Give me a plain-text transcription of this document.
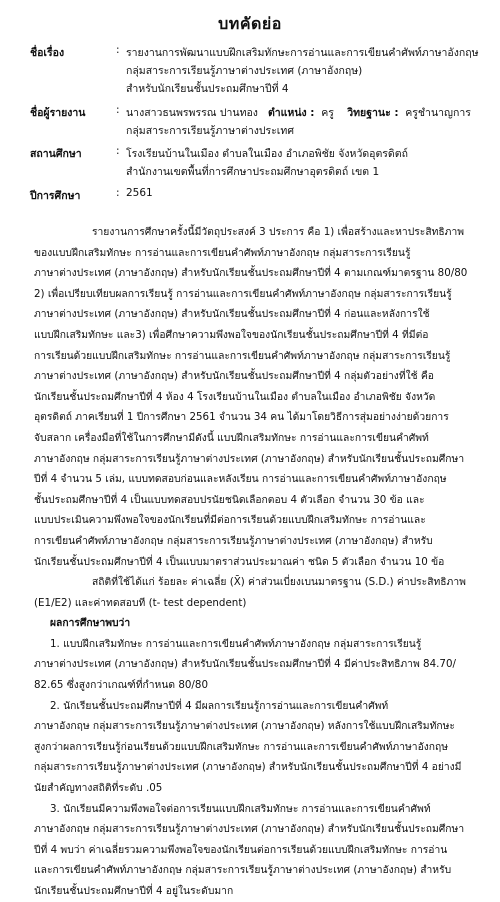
บทคัดย่อ
ชื่อเรื่อง	: รายงานการพัฒนาแบบฝึกเสริมทักษะการอ่านและการเขียนคำศัพท์ภาษาอังกฤษ
กลุ่มสาระการเรียนรู้ภาษาต่างประเทศ (ภาษาอังกฤษ)
สำหรับนักเรียนชั้นประถมศึกษาปีที่ 4
ชื่อผู้รายงาน	: นางสาวธนพรพรรณ ปานทอง ตำแหน่ง : ครู วิทยฐานะ : ครูชำนาญการ
กลุ่มสาระการเรียนรู้ภาษาต่างประเทศ
สถานศึกษา	: โรงเรียนบ้านในเมือง ตำบลในเมือง อำเภอพิชัย จังหวัดอุตรดิตถ์
สำนักงานเขตพื้นที่การศึกษาประถมศึกษาอุตรดิตถ์ เขต 1
ปีการศึกษา	: 2561
รายงานการศึกษาครั้งนี้มีวัตถุประสงค์ 3 ประการ คือ 1) เพื่อสร้างและหาประสิทธิภาพ
ของแบบฝึกเสริมทักษะ การอ่านและการเขียนคำศัพท์ภาษาอังกฤษ กลุ่มสาระการเรียนรู้
ภาษาต่างประเทศ (ภาษาอังกฤษ) สำหรับนักเรียนชั้นประถมศึกษาปีที่ 4 ตามเกณฑ์มาตรฐาน 80/80
2) เพื่อเปรียบเทียบผลการเรียนรู้ การอ่านและการเขียนคำศัพท์ภาษาอังกฤษ กลุ่มสาระการเรียนรู้
ภาษาต่างประเทศ (ภาษาอังกฤษ) สำหรับนักเรียนชั้นประถมศึกษาปีที่ 4 ก่อนและหลังการใช้
แบบฝึกเสริมทักษะ และ3) เพื่อศึกษาความพึงพอใจของนักเรียนชั้นประถมศึกษาปีที่ 4 ที่มีต่อ
การเรียนด้วยแบบฝึกเสริมทักษะ การอ่านและการเขียนคำศัพท์ภาษาอังกฤษ กลุ่มสาระการเรียนรู้
ภาษาต่างประเทศ (ภาษาอังกฤษ) สำหรับนักเรียนชั้นประถมศึกษาปีที่ 4 กลุ่มตัวอย่างที่ใช้ คือ
นักเรียนชั้นประถมศึกษาปีที่ 4 ห้อง 4 โรงเรียนบ้านในเมือง ตำบลในเมือง อำเภอพิชัย จังหวัด
อุตรดิตถ์ ภาคเรียนที่ 1 ปีการศึกษา 2561 จำนวน 34 คน ได้มาโดยวิธีการสุ่มอย่างง่ายด้วยการ
จับสลาก เครื่องมือที่ใช้ในการศึกษามีดังนี้ แบบฝึกเสริมทักษะ การอ่านและการเขียนคำศัพท์
ภาษาอังกฤษ กลุ่มสาระการเรียนรู้ภาษาต่างประเทศ (ภาษาอังกฤษ) สำหรับนักเรียนชั้นประถมศึกษา
ปีที่ 4 จำนวน 5 เล่ม, แบบทดสอบก่อนและหลังเรียน การอ่านและการเขียนคำศัพท์ภาษาอังกฤษ
ชั้นประถมศึกษาปีที่ 4 เป็นแบบทดสอบปรนัยชนิดเลือกตอบ 4 ตัวเลือก จำนวน 30 ข้อ และ
แบบประเมินความพึงพอใจของนักเรียนที่มีต่อการเรียนด้วยแบบฝึกเสริมทักษะ การอ่านและ
การเขียนคำศัพท์ภาษาอังกฤษ กลุ่มสาระการเรียนรู้ภาษาต่างประเทศ (ภาษาอังกฤษ) สำหรับ
นักเรียนชั้นประถมศึกษาปีที่ 4 เป็นแบบมาตราส่วนประมาณค่า ชนิด 5 ตัวเลือก จำนวน 10 ข้อ
สถิติที่ใช้ได้แก่ ร้อยละ ค่าเฉลี่ย (X̄) ค่าส่วนเบี่ยงเบนมาตรฐาน (S.D.) ค่าประสิทธิภาพ
(E1/E2) และค่าทดสอบที (t- test dependent)
ผลการศึกษาพบว่า
1. แบบฝึกเสริมทักษะ การอ่านและการเขียนคำศัพท์ภาษาอังกฤษ กลุ่มสาระการเรียนรู้
ภาษาต่างประเทศ (ภาษาอังกฤษ) สำหรับนักเรียนชั้นประถมศึกษาปีที่ 4 มีค่าประสิทธิภาพ 84.70/
82.65 ซึ่งสูงกว่าเกณฑ์ที่กำหนด 80/80
2. นักเรียนชั้นประถมศึกษาปีที่ 4 มีผลการเรียนรู้การอ่านและการเขียนคำศัพท์
ภาษาอังกฤษ กลุ่มสาระการเรียนรู้ภาษาต่างประเทศ (ภาษาอังกฤษ) หลังการใช้แบบฝึกเสริมทักษะ
สูงกว่าผลการเรียนรู้ก่อนเรียนด้วยแบบฝึกเสริมทักษะ การอ่านและการเขียนคำศัพท์ภาษาอังกฤษ
กลุ่มสาระการเรียนรู้ภาษาต่างประเทศ (ภาษาอังกฤษ) สำหรับนักเรียนชั้นประถมศึกษาปีที่ 4 อย่างมี
นัยสำคัญทางสถิติที่ระดับ .05
3. นักเรียนมีความพึงพอใจต่อการเรียนแบบฝึกเสริมทักษะ การอ่านและการเขียนคำศัพท์
ภาษาอังกฤษ กลุ่มสาระการเรียนรู้ภาษาต่างประเทศ (ภาษาอังกฤษ) สำหรับนักเรียนชั้นประถมศึกษา
ปีที่ 4 พบว่า ค่าเฉลี่ยรวมความพึงพอใจของนักเรียนต่อการเรียนด้วยแบบฝึกเสริมทักษะ การอ่าน
และการเขียนคำศัพท์ภาษาอังกฤษ กลุ่มสาระการเรียนรู้ภาษาต่างประเทศ (ภาษาอังกฤษ) สำหรับ
นักเรียนชั้นประถมศึกษาปีที่ 4 อยู่ในระดับมาก
